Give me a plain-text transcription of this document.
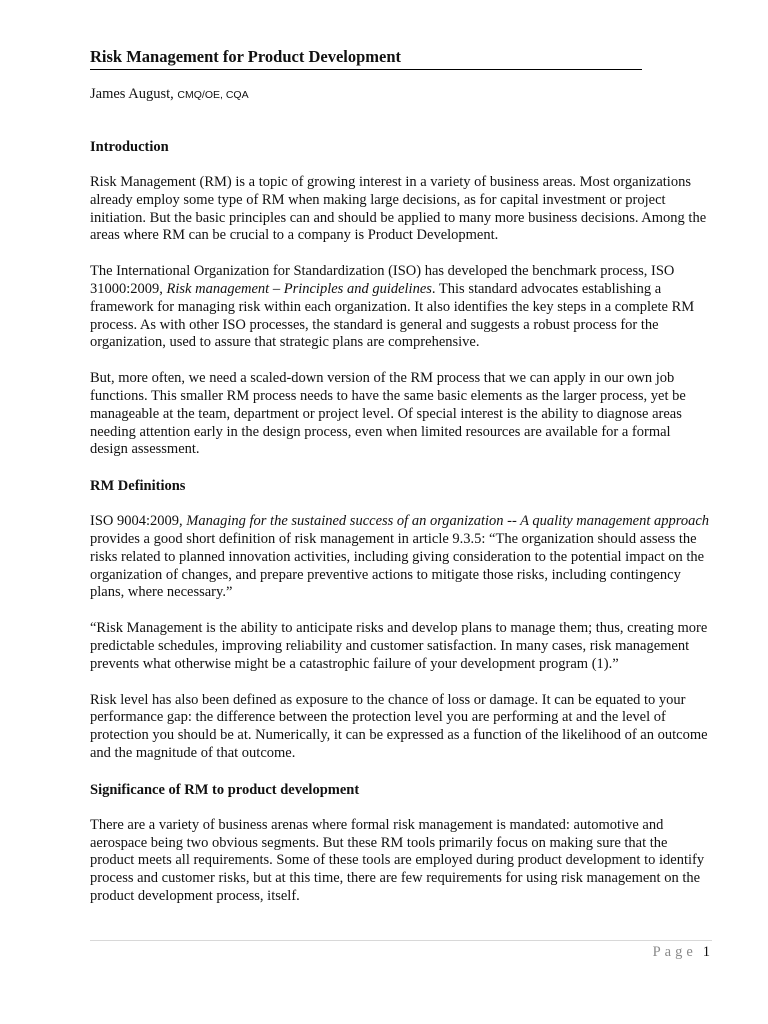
Risk Management for Product Development
James August, CMQ/OE, CQA
Introduction

Risk Management (RM) is a topic of growing interest in a variety of business areas. Most organizations already employ some type of RM when making large decisions, as for capital investment or project initiation. But the basic principles can and should be applied to many more business decisions. Among the areas where RM can be crucial to a company is Product Development.

The International Organization for Standardization (ISO) has developed the benchmark process, ISO 31000:2009, Risk management – Principles and guidelines. This standard advocates establishing a framework for managing risk within each organization. It also identifies the key steps in a complete RM process. As with other ISO processes, the standard is general and suggests a robust process for the organization, used to assure that strategic plans are comprehensive.

But, more often, we need a scaled-down version of the RM process that we can apply in our own job functions. This smaller RM process needs to have the same basic elements as the larger process, yet be manageable at the team, department or project level. Of special interest is the ability to diagnose areas needing attention early in the design process, even when limited resources are available for a formal design assessment.

RM Definitions

ISO 9004:2009, Managing for the sustained success of an organization -- A quality management approach provides a good short definition of risk management in article 9.3.5: “The organization should assess the risks related to planned innovation activities, including giving consideration to the potential impact on the organization of changes, and prepare preventive actions to mitigate those risks, including contingency plans, where necessary.”

“Risk Management is the ability to anticipate risks and develop plans to manage them; thus, creating more predictable schedules, improving reliability and customer satisfaction. In many cases, risk management prevents what otherwise might be a catastrophic failure of your development program (1).”

Risk level has also been defined as exposure to the chance of loss or damage. It can be equated to your performance gap: the difference between the protection level you are performing at and the level of protection you should be at. Numerically, it can be expressed as a function of the likelihood of an outcome and the magnitude of that outcome.

Significance of RM to product development

There are a variety of business arenas where formal risk management is mandated: automotive and aerospace being two obvious segments. But these RM tools primarily focus on making sure that the product meets all requirements. Some of these tools are employed during product development to identify process and customer risks, but at this time, there are few requirements for using risk management on the product development process, itself.

Page 1
